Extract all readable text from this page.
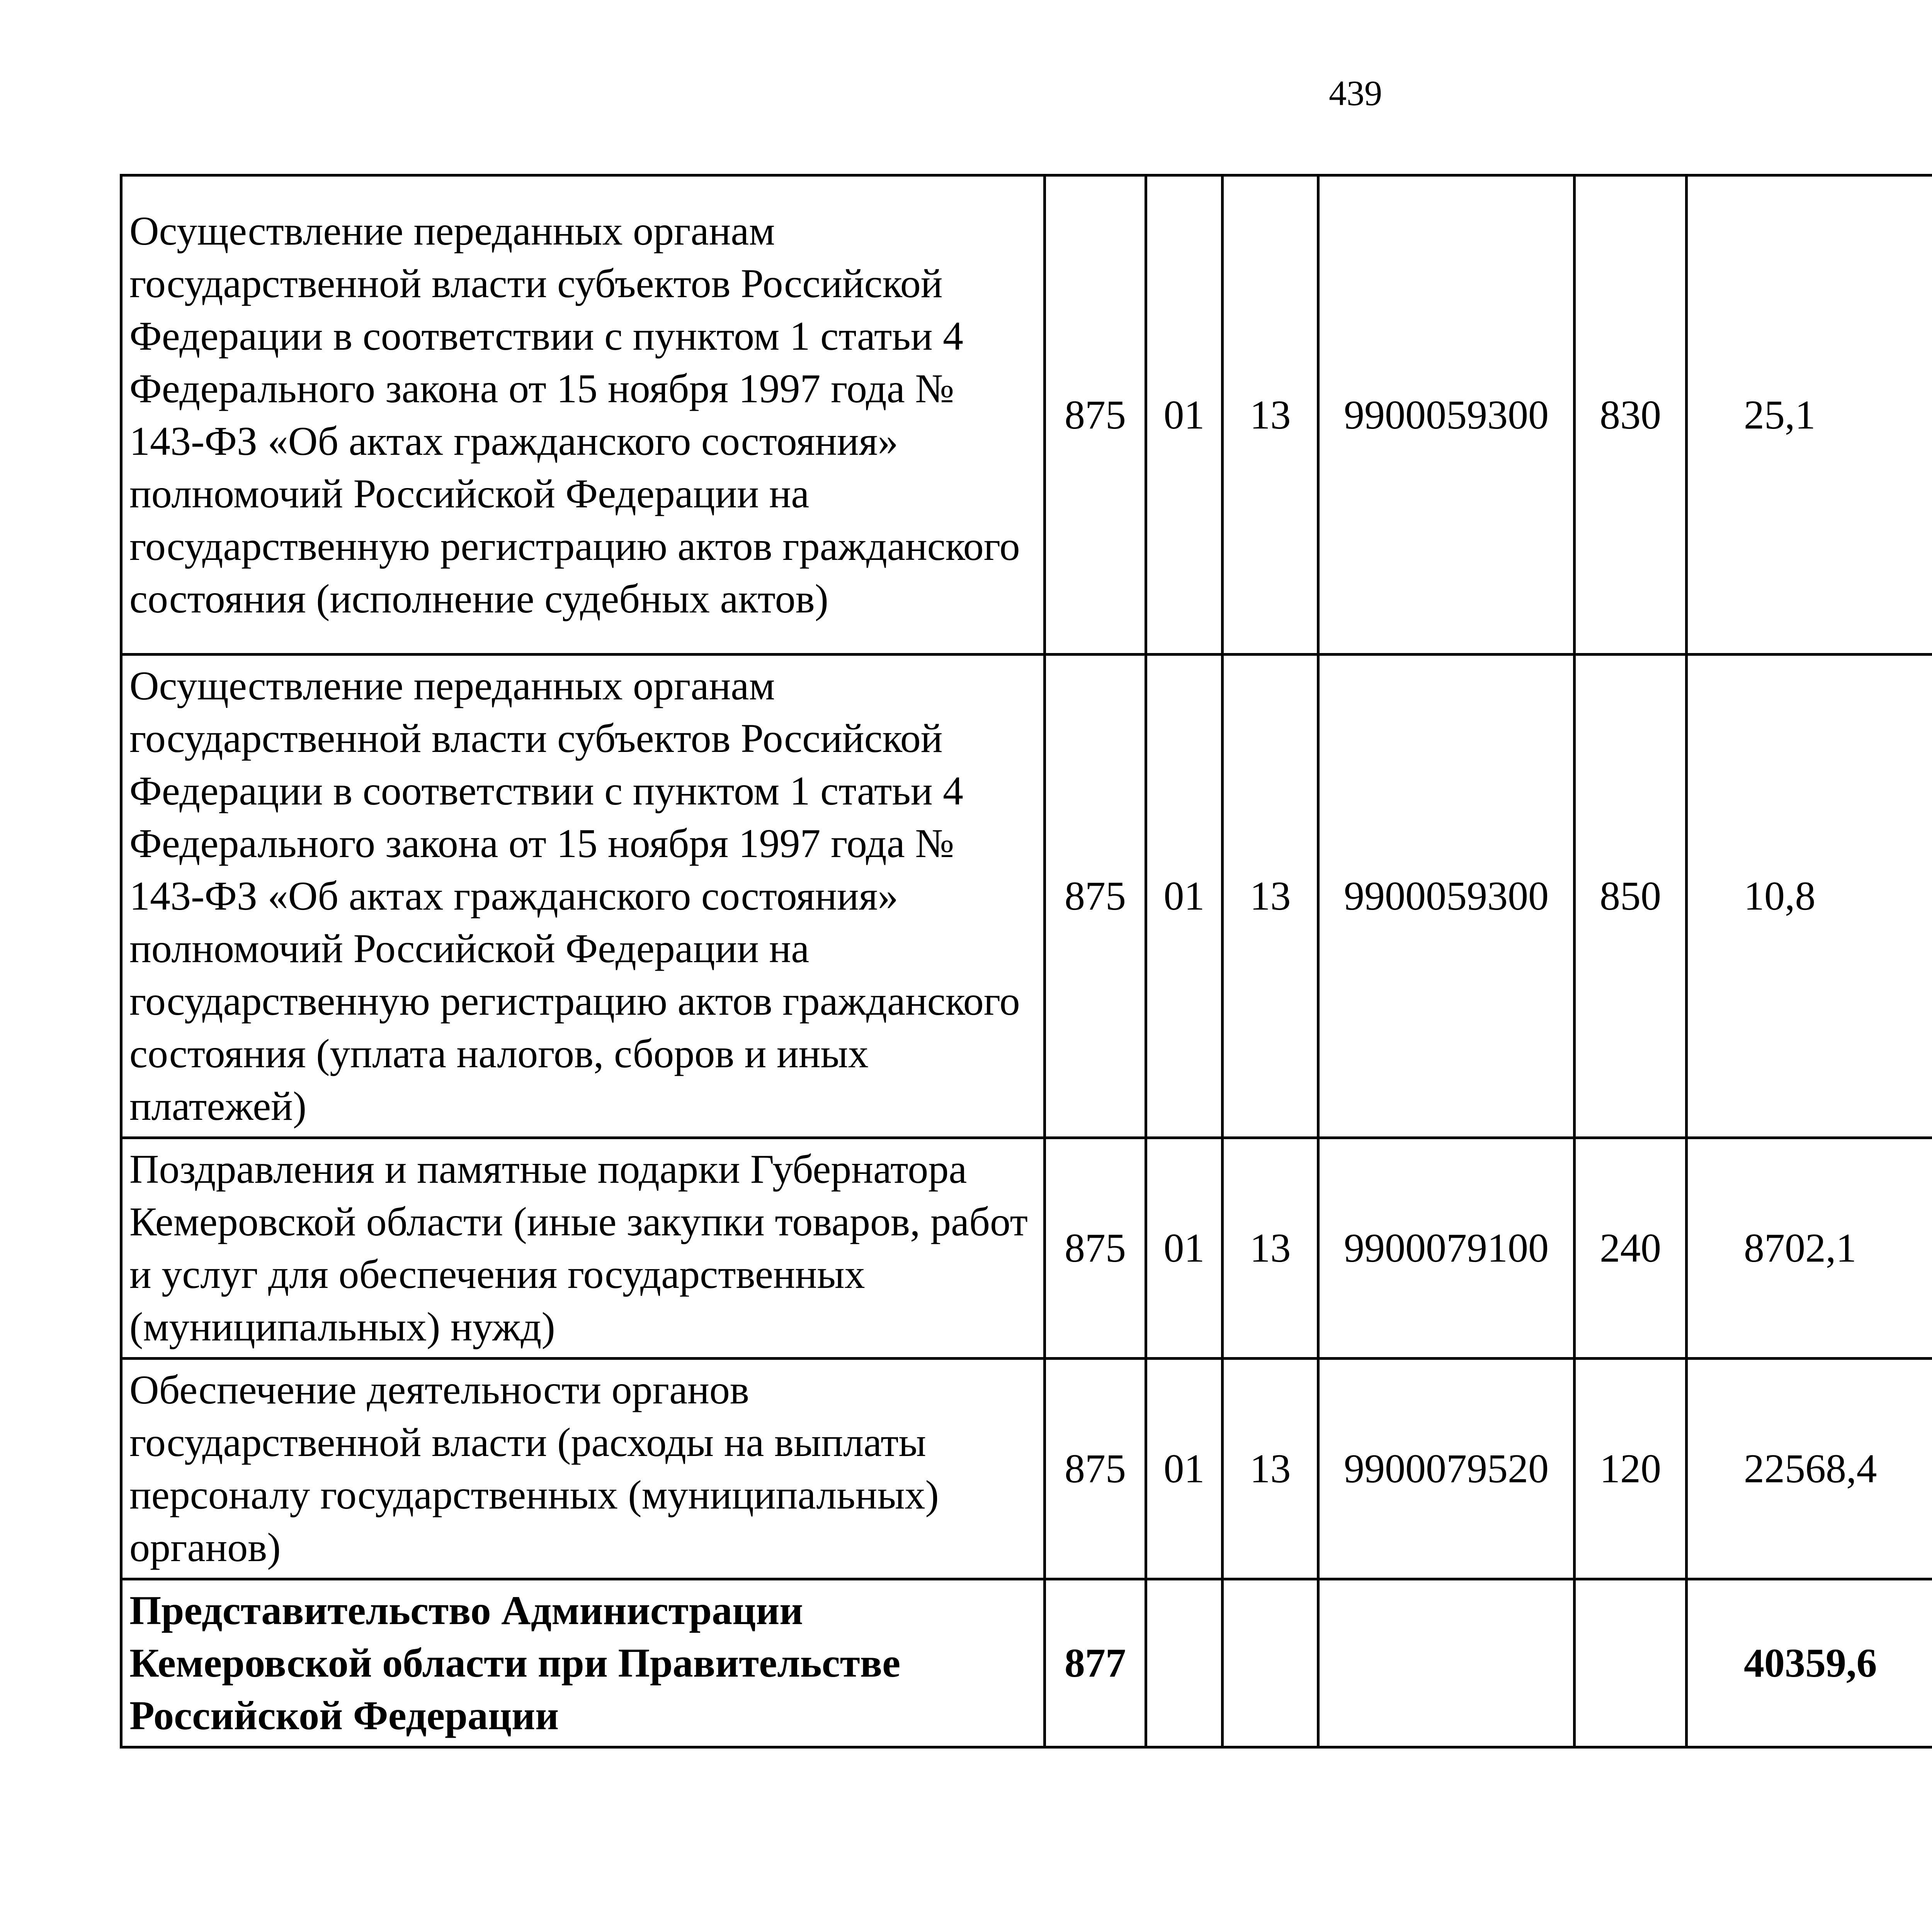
439
Осуществление переданных органам государственной власти субъектов Российской Федерации в соответствии с пунктом 1 статьи 4 Федерального закона от 15 ноября 1997 года № 143-ФЗ «Об актах гражданского состояния» полномочий Российской Федерации на государственную регистрацию актов гражданского состояния (исполнение судебных актов)	875	01	13	9900059300	830	25,1		
Осуществление переданных органам государственной власти субъектов Российской Федерации в соответствии с пунктом 1 статьи 4 Федерального закона от 15 ноября 1997 года № 143-ФЗ «Об актах гражданского состояния» полномочий Российской Федерации на государственную регистрацию актов гражданского состояния (уплата налогов, сборов и иных платежей)	875	01	13	9900059300	850	10,8		
Поздравления и памятные подарки Губернатора Кемеровской области (иные закупки товаров, работ и услуг для обеспечения государственных (муниципальных) нужд)	875	01	13	9900079100	240	8702,1		
Обеспечение деятельности органов государственной власти (расходы на выплаты персоналу государственных (муниципальных) органов)	875	01	13	9900079520	120	22568,4		
Представительство Администрации Кемеровской области при Правительстве Российской Федерации	877					40359,6		
